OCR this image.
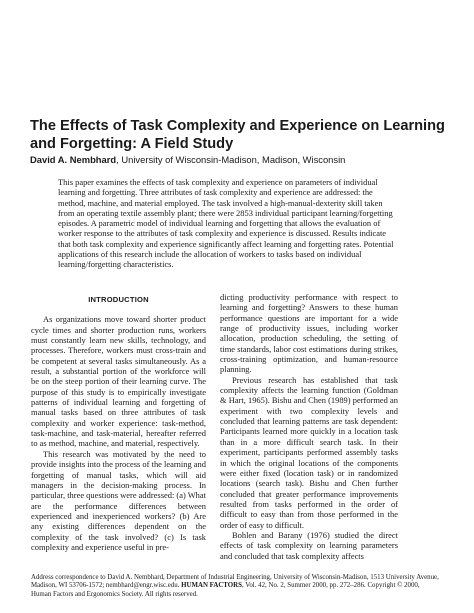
The Effects of Task Complexity and Experience on Learning and Forgetting: A Field Study
David A. Nembhard, University of Wisconsin-Madison, Madison, Wisconsin

This paper examines the effects of task complexity and experience on parameters of individual learning and forgetting. Three attributes of task complexity and experience are addressed: the method, machine, and material employed. The task involved a high-manual-dexterity skill taken from an operating textile assembly plant; there were 2853 individual participant learning/forgetting episodes. A parametric model of individual learning and forgetting that allows the evaluation of worker response to the attributes of task complexity and experience is discussed. Results indicate that both task complexity and experience significantly affect learning and forgetting rates. Potential applications of this research include the allocation of workers to tasks based on individual learning/forgetting characteristics.

INTRODUCTION

As organizations move toward shorter product cycle times and shorter production runs, workers must constantly learn new skills, technology, and processes. Therefore, workers must cross-train and be competent at several tasks simultaneously. As a result, a substantial portion of the workforce will be on the steep portion of their learning curve. The purpose of this study is to empirically investigate patterns of individual learning and forgetting of manual tasks based on three attributes of task complexity and worker experience: task-method, task-machine, and task-material, hereafter referred to as method, machine, and material, respectively.

This research was motivated by the need to provide insights into the process of the learning and forgetting of manual tasks, which will aid managers in the decision-making process. In particular, three questions were addressed: (a) What are the performance differences between experienced and inexperienced workers? (b) Are any existing differences dependent on the complexity of the task involved? (c) Is task complexity and experience useful in pre-

dicting productivity performance with respect to learning and forgetting? Answers to these human performance questions are important for a wide range of productivity issues, including worker allocation, production scheduling, the setting of time standards, labor cost estimations during strikes, cross-training optimization, and human-resource planning.

Previous research has established that task complexity affects the learning function (Goldman & Hart, 1965). Bishu and Chen (1989) performed an experiment with two complexity levels and concluded that learning patterns are task dependent: Participants learned more quickly in a location task than in a more difficult search task. In their experiment, participants performed assembly tasks in which the original locations of the components were either fixed (location task) or in randomized locations (search task). Bishu and Chen further concluded that greater performance improvements resulted from tasks performed in the order of difficult to easy than from those performed in the order of easy to difficult.

Bohlen and Barany (1976) studied the direct effects of task complexity on learning parameters and concluded that task complexity affects

Address correspondence to David A. Nembhard, Department of Industrial Engineering, University of Wisconsin-Madison, 1513 University Avenue, Madison, WI 53706-1572; nembhard@engr.wisc.edu. HUMAN FACTORS, Vol. 42, No. 2, Summer 2000, pp. 272–286. Copyright © 2000, Human Factors and Ergonomics Society. All rights reserved.
